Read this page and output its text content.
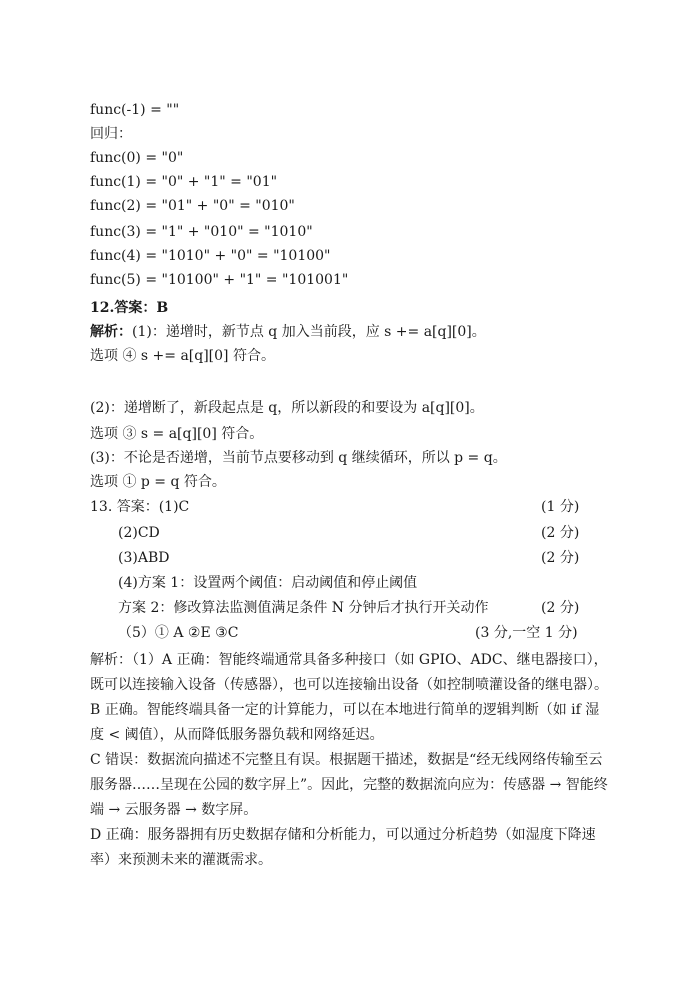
func(-1) = ""
回归：
func(0) = "0"
func(1) = "0" + "1" = "01"
func(2) = "01" + "0" = "010"
func(3) = "1" + "010" = "1010"
func(4) = "1010" + "0" = "10100"
func(5) = "10100" + "1" = "101001"
12.答案：B
解析：(1)：递增时，新节点 q 加入当前段，应 s += a[q][0]。
选项 ④ s += a[q][0] 符合。
(2)：递增断了，新段起点是 q，所以新段的和要设为 a[q][0]。
选项 ③ s = a[q][0] 符合。
(3)：不论是否递增，当前节点要移动到 q 继续循环，所以 p = q。
选项 ① p = q 符合。
13. 答案：(1)C	(1 分)
(2)CD	(2 分)
(3)ABD	(2 分)
(4)方案 1：设置两个阈值：启动阈值和停止阈值
方案 2：修改算法监测值满足条件 N 分钟后才执行开关动作	(2 分)
（5）① A ②E ③C	(3 分,一空 1 分)
解析：（1）A 正确：智能终端通常具备多种接口（如 GPIO、ADC、继电器接口），既可以连接输入设备（传感器），也可以连接输出设备（如控制喷灌设备的继电器）。
B 正确。智能终端具备一定的计算能力，可以在本地进行简单的逻辑判断（如 if 湿度 < 阈值），从而降低服务器负载和网络延迟。
C 错误：数据流向描述不完整且有误。根据题干描述，数据是“经无线网络传输至云服务器……呈现在公园的数字屏上”。因此，完整的数据流向应为：传感器 → 智能终端 → 云服务器 → 数字屏。
D 正确：服务器拥有历史数据存储和分析能力，可以通过分析趋势（如湿度下降速率）来预测未来的灌溉需求。
